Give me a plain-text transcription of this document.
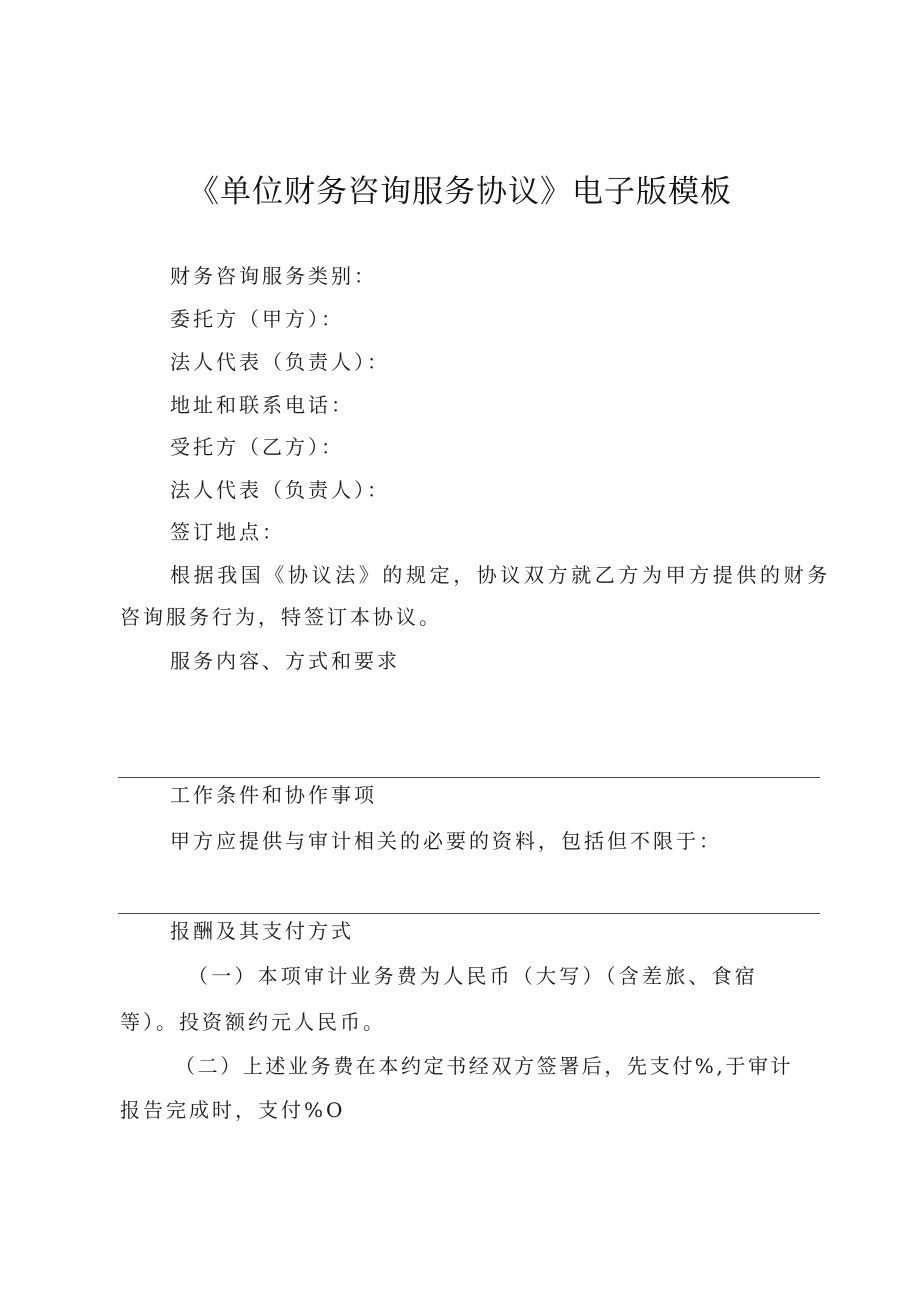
《单位财务咨询服务协议》电子版模板
财务咨询服务类别：
委托方（甲方）：
法人代表（负责人）：
地址和联系电话：
受托方（乙方）：
法人代表（负责人）：
签订地点：
根据我国《协议法》的规定，协议双方就乙方为甲方提供的财务
咨询服务行为，特签订本协议。
服务内容、方式和要求
工作条件和协作事项
甲方应提供与审计相关的必要的资料，包括但不限于：
报酬及其支付方式
（一）本项审计业务费为人民币（大写）（含差旅、食宿
等）。投资额约元人民币。
（二）上述业务费在本约定书经双方签署后，先支付%,于审计
报告完成时，支付%O
